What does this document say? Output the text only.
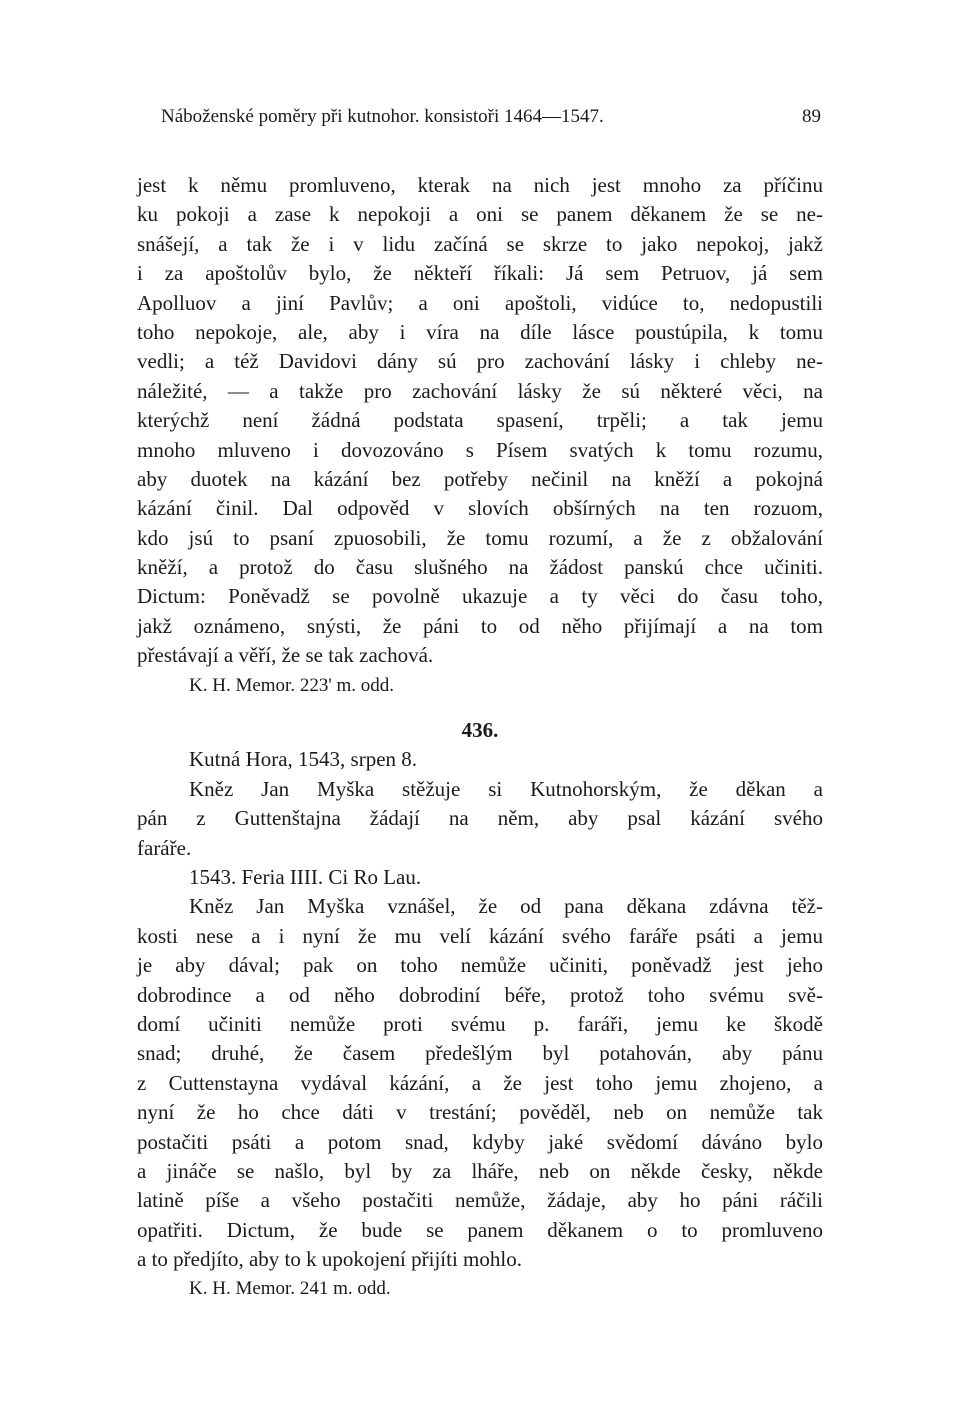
Náboženské poměry při kutnohor. konsistoři 1464—1547.	89
jest k němu promluveno, kterak na nich jest mnoho za příčinu
ku pokoji a zase k nepokoji a oni se panem děkanem že se ne-
snášejí, a tak že i v lidu začíná se skrze to jako nepokoj, jakž
i za apoštolův bylo, že někteří říkali: Já sem Petruov, já sem
Apolluov a jiní Pavlův; a oni apoštoli, vidúce to, nedopustili
toho nepokoje, ale, aby i víra na díle lásce poustúpila, k tomu
vedli; a též Davidovi dány sú pro zachování lásky i chleby ne-
náležité, — a takže pro zachování lásky že sú některé věci, na
kterýchž není žádná podstata spasení, trpěli; a tak jemu
mnoho mluveno i dovozováno s Písem svatých k tomu rozumu,
aby duotek na kázání bez potřeby nečinil na kněží a pokojná
kázání činil. Dal odpověd v slovích obšírných na ten rozuom,
kdo jsú to psaní zpuosobili, že tomu rozumí, a že z obžalování
kněží, a protož do času slušného na žádost panskú chce učiniti.
Dictum: Poněvadž se povolně ukazuje a ty věci do času toho,
jakž oznámeno, snýsti, že páni to od něho přijímají a na tom
přestávají a věří, že se tak zachová.
K. H. Memor. 223' m. odd.
436.
Kutná Hora, 1543, srpen 8.
Kněz Jan Myška stěžuje si Kutnohorským, že děkan a
pán z Guttenštajna žádají na něm, aby psal kázání svého
faráře.
1543. Feria IIII. Ci Ro Lau.
Kněz Jan Myška vznášel, že od pana děkana zdávna těž-
kosti nese a i nyní že mu velí kázání svého faráře psáti a jemu
je aby dával; pak on toho nemůže učiniti, poněvadž jest jeho
dobrodince a od něho dobrodiní béře, protož toho svému svě-
domí učiniti nemůže proti svému p. faráři, jemu ke škodě
snad; druhé, že časem předešlým byl potahován, aby pánu
z Cuttenstayna vydával kázání, a že jest toho jemu zhojeno, a
nyní že ho chce dáti v trestání; pověděl, neb on nemůže tak
postačiti psáti a potom snad, kdyby jaké svědomí dáváno bylo
a jináče se našlo, byl by za lháře, neb on někde česky, někde
latině píše a všeho postačiti nemůže, žádaje, aby ho páni ráčili
opatřiti. Dictum, že bude se panem děkanem o to promluveno
a to předjíto, aby to k upokojení přijíti mohlo.
K. H. Memor. 241 m. odd.
